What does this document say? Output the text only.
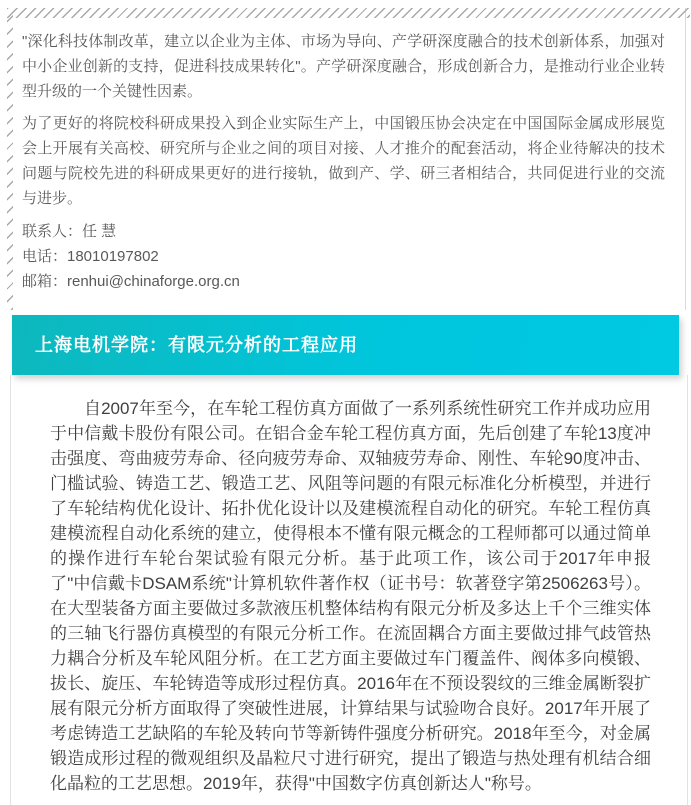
"深化科技体制改革，建立以企业为主体、市场为导向、产学研深度融合的技术创新体系，加强对中小企业创新的支持，促进科技成果转化"。产学研深度融合，形成创新合力，是推动行业企业转型升级的一个关键性因素。

为了更好的将院校科研成果投入到企业实际生产上，中国锻压协会决定在中国国际金属成形展览会上开展有关高校、研究所与企业之间的项目对接、人才推介的配套活动，将企业待解决的技术问题与院校先进的科研成果更好的进行接轨，做到产、学、研三者相结合，共同促进行业的交流与进步。

联系人：任 慧

电话：18010197802

邮箱：renhui@chinaforge.org.cn

上海电机学院：有限元分析的工程应用

自2007年至今，在车轮工程仿真方面做了一系列系统性研究工作并成功应用于中信戴卡股份有限公司。在铝合金车轮工程仿真方面，先后创建了车轮13度冲击强度、弯曲疲劳寿命、径向疲劳寿命、双轴疲劳寿命、刚性、车轮90度冲击、门槛试验、铸造工艺、锻造工艺、风阻等问题的有限元标准化分析模型，并进行了车轮结构优化设计、拓扑优化设计以及建模流程自动化的研究。车轮工程仿真建模流程自动化系统的建立，使得根本不懂有限元概念的工程师都可以通过简单的操作进行车轮台架试验有限元分析。基于此项工作，该公司于2017年申报了"中信戴卡DSAM系统"计算机软件著作权（证书号：软著登字第2506263号）。在大型装备方面主要做过多款液压机整体结构有限元分析及多达上千个三维实体的三轴飞行器仿真模型的有限元分析工作。在流固耦合方面主要做过排气歧管热力耦合分析及车轮风阻分析。在工艺方面主要做过车门覆盖件、阀体多向模锻、拔长、旋压、车轮铸造等成形过程仿真。2016年在不预设裂纹的三维金属断裂扩展有限元分析方面取得了突破性进展，计算结果与试验吻合良好。2017年开展了考虑铸造工艺缺陷的车轮及转向节等新铸件强度分析研究。2018年至今，对金属锻造成形过程的微观组织及晶粒尺寸进行研究，提出了锻造与热处理有机结合细化晶粒的工艺思想。2019年，获得"中国数字仿真创新达人"称号。
